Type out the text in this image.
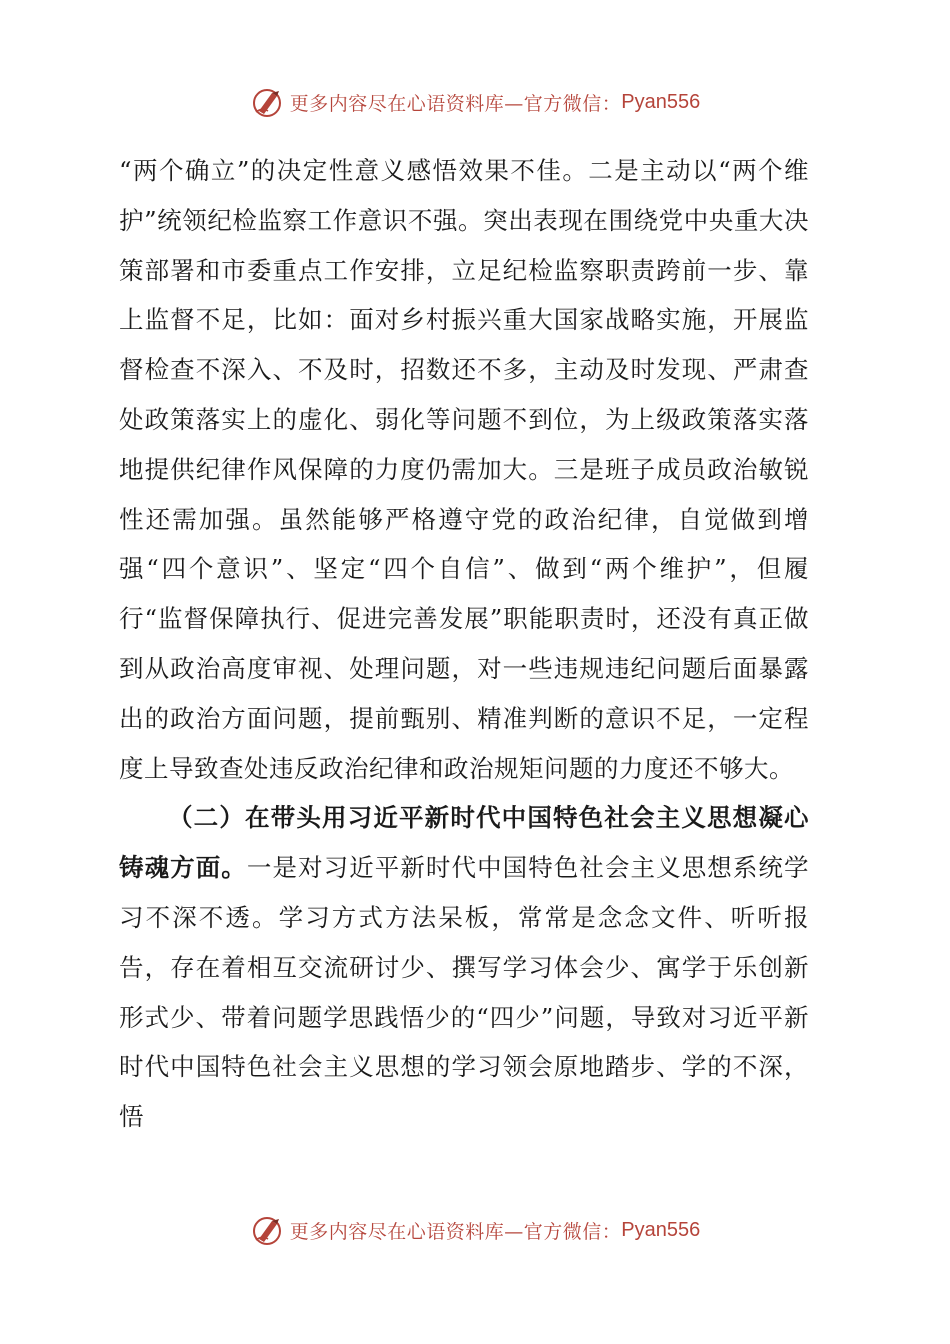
更多内容尽在心语资料库—官方微信： Pyan556

“两个确立”的决定性意义感悟效果不佳。二是主动以“两个维护”统领纪检监察工作意识不强。突出表现在围绕党中央重大决策部署和市委重点工作安排，立足纪检监察职责跨前一步、靠上监督不足，比如：面对乡村振兴重大国家战略实施，开展监督检查不深入、不及时，招数还不多，主动及时发现、严肃查处政策落实上的虚化、弱化等问题不到位，为上级政策落实落地提供纪律作风保障的力度仍需加大。三是班子成员政治敏锐性还需加强。虽然能够严格遵守党的政治纪律，自觉做到增强“四个意识”、坚定“四个自信”、做到“两个维护”，但履行“监督保障执行、促进完善发展”职能职责时，还没有真正做到从政治高度审视、处理问题，对一些违规违纪问题后面暴露出的政治方面问题，提前甄别、精准判断的意识不足，一定程度上导致查处违反政治纪律和政治规矩问题的力度还不够大。

（二）在带头用习近平新时代中国特色社会主义思想凝心铸魂方面。一是对习近平新时代中国特色社会主义思想系统学习不深不透。学习方式方法呆板，常常是念念文件、听听报告，存在着相互交流研讨少、撰写学习体会少、寓学于乐创新形式少、带着问题学思践悟少的“四少”问题，导致对习近平新时代中国特色社会主义思想的学习领会原地踏步、学的不深，悟

更多内容尽在心语资料库—官方微信： Pyan556
